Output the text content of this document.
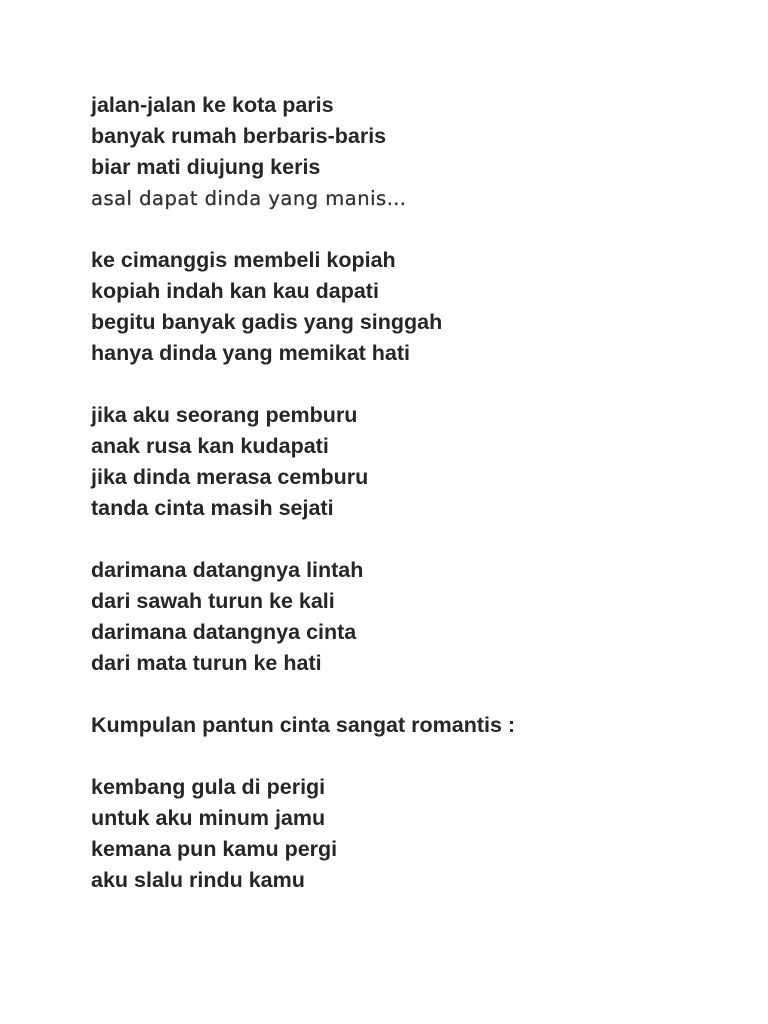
jalan-jalan ke kota paris
banyak rumah berbaris-baris
biar mati diujung keris
asal dapat dinda yang manis…
ke cimanggis membeli kopiah
kopiah indah kan kau dapati
begitu banyak gadis yang singgah
hanya dinda yang memikat hati
jika aku seorang pemburu
anak rusa kan kudapati
jika dinda merasa cemburu
tanda cinta masih sejati
darimana datangnya lintah
dari sawah turun ke kali
darimana datangnya cinta
dari mata turun ke hati
Kumpulan pantun cinta sangat romantis :
kembang gula di perigi
untuk aku minum jamu
kemana pun kamu pergi
aku slalu rindu kamu
